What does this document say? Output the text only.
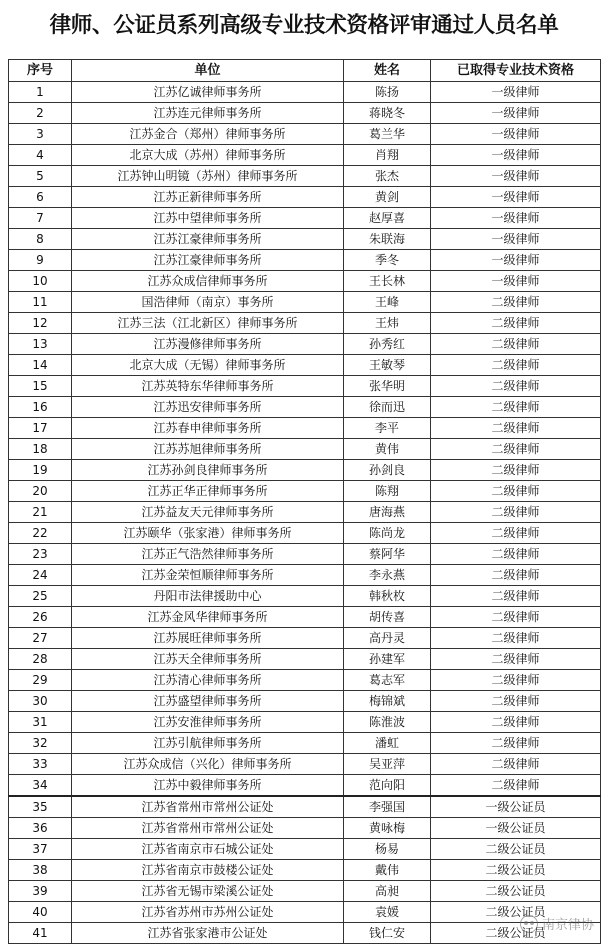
律师、公证员系列高级专业技术资格评审通过人员名单
序号	单位	姓名	已取得专业技术资格
1	江苏亿诚律师事务所	陈扬	一级律师
2	江苏连元律师事务所	蒋晓冬	一级律师
3	江苏金合（郑州）律师事务所	葛兰华	一级律师
4	北京大成（苏州）律师事务所	肖翔	一级律师
5	江苏钟山明镜（苏州）律师事务所	张杰	一级律师
6	江苏正新律师事务所	黄剑	一级律师
7	江苏中望律师事务所	赵厚喜	一级律师
8	江苏江豪律师事务所	朱联海	一级律师
9	江苏江豪律师事务所	季冬	一级律师
10	江苏众成信律师事务所	王长林	一级律师
11	国浩律师（南京）事务所	王峰	二级律师
12	江苏三法（江北新区）律师事务所	王炜	二级律师
13	江苏漫修律师事务所	孙秀红	二级律师
14	北京大成（无锡）律师事务所	王敏琴	二级律师
15	江苏英特东华律师事务所	张华明	二级律师
16	江苏迅安律师事务所	徐而迅	二级律师
17	江苏春申律师事务所	李平	二级律师
18	江苏苏旭律师事务所	黄伟	二级律师
19	江苏孙剑良律师事务所	孙剑良	二级律师
20	江苏正华正律师事务所	陈翔	二级律师
21	江苏益友天元律师事务所	唐海燕	二级律师
22	江苏颐华（张家港）律师事务所	陈尚龙	二级律师
23	江苏正气浩然律师事务所	蔡阿华	二级律师
24	江苏金荣恒顺律师事务所	李永燕	二级律师
25	丹阳市法律援助中心	韩秋枚	二级律师
26	江苏金风华律师事务所	胡传喜	二级律师
27	江苏展旺律师事务所	高丹灵	二级律师
28	江苏天全律师事务所	孙建军	二级律师
29	江苏清心律师事务所	葛志军	二级律师
30	江苏盛望律师事务所	梅锦斌	二级律师
31	江苏安淮律师事务所	陈淮波	二级律师
32	江苏引航律师事务所	潘虹	二级律师
33	江苏众成信（兴化）律师事务所	吴亚萍	二级律师
34	江苏中毅律师事务所	范向阳	二级律师
35	江苏省常州市常州公证处	李强国	一级公证员
36	江苏省常州市常州公证处	黄咏梅	一级公证员
37	江苏省南京市石城公证处	杨易	二级公证员
38	江苏省南京市鼓楼公证处	戴伟	二级公证员
39	江苏省无锡市梁溪公证处	高昶	二级公证员
40	江苏省苏州市苏州公证处	袁媛	二级公证员
41	江苏省张家港市公证处	钱仁安	二级公证员
南京律协
